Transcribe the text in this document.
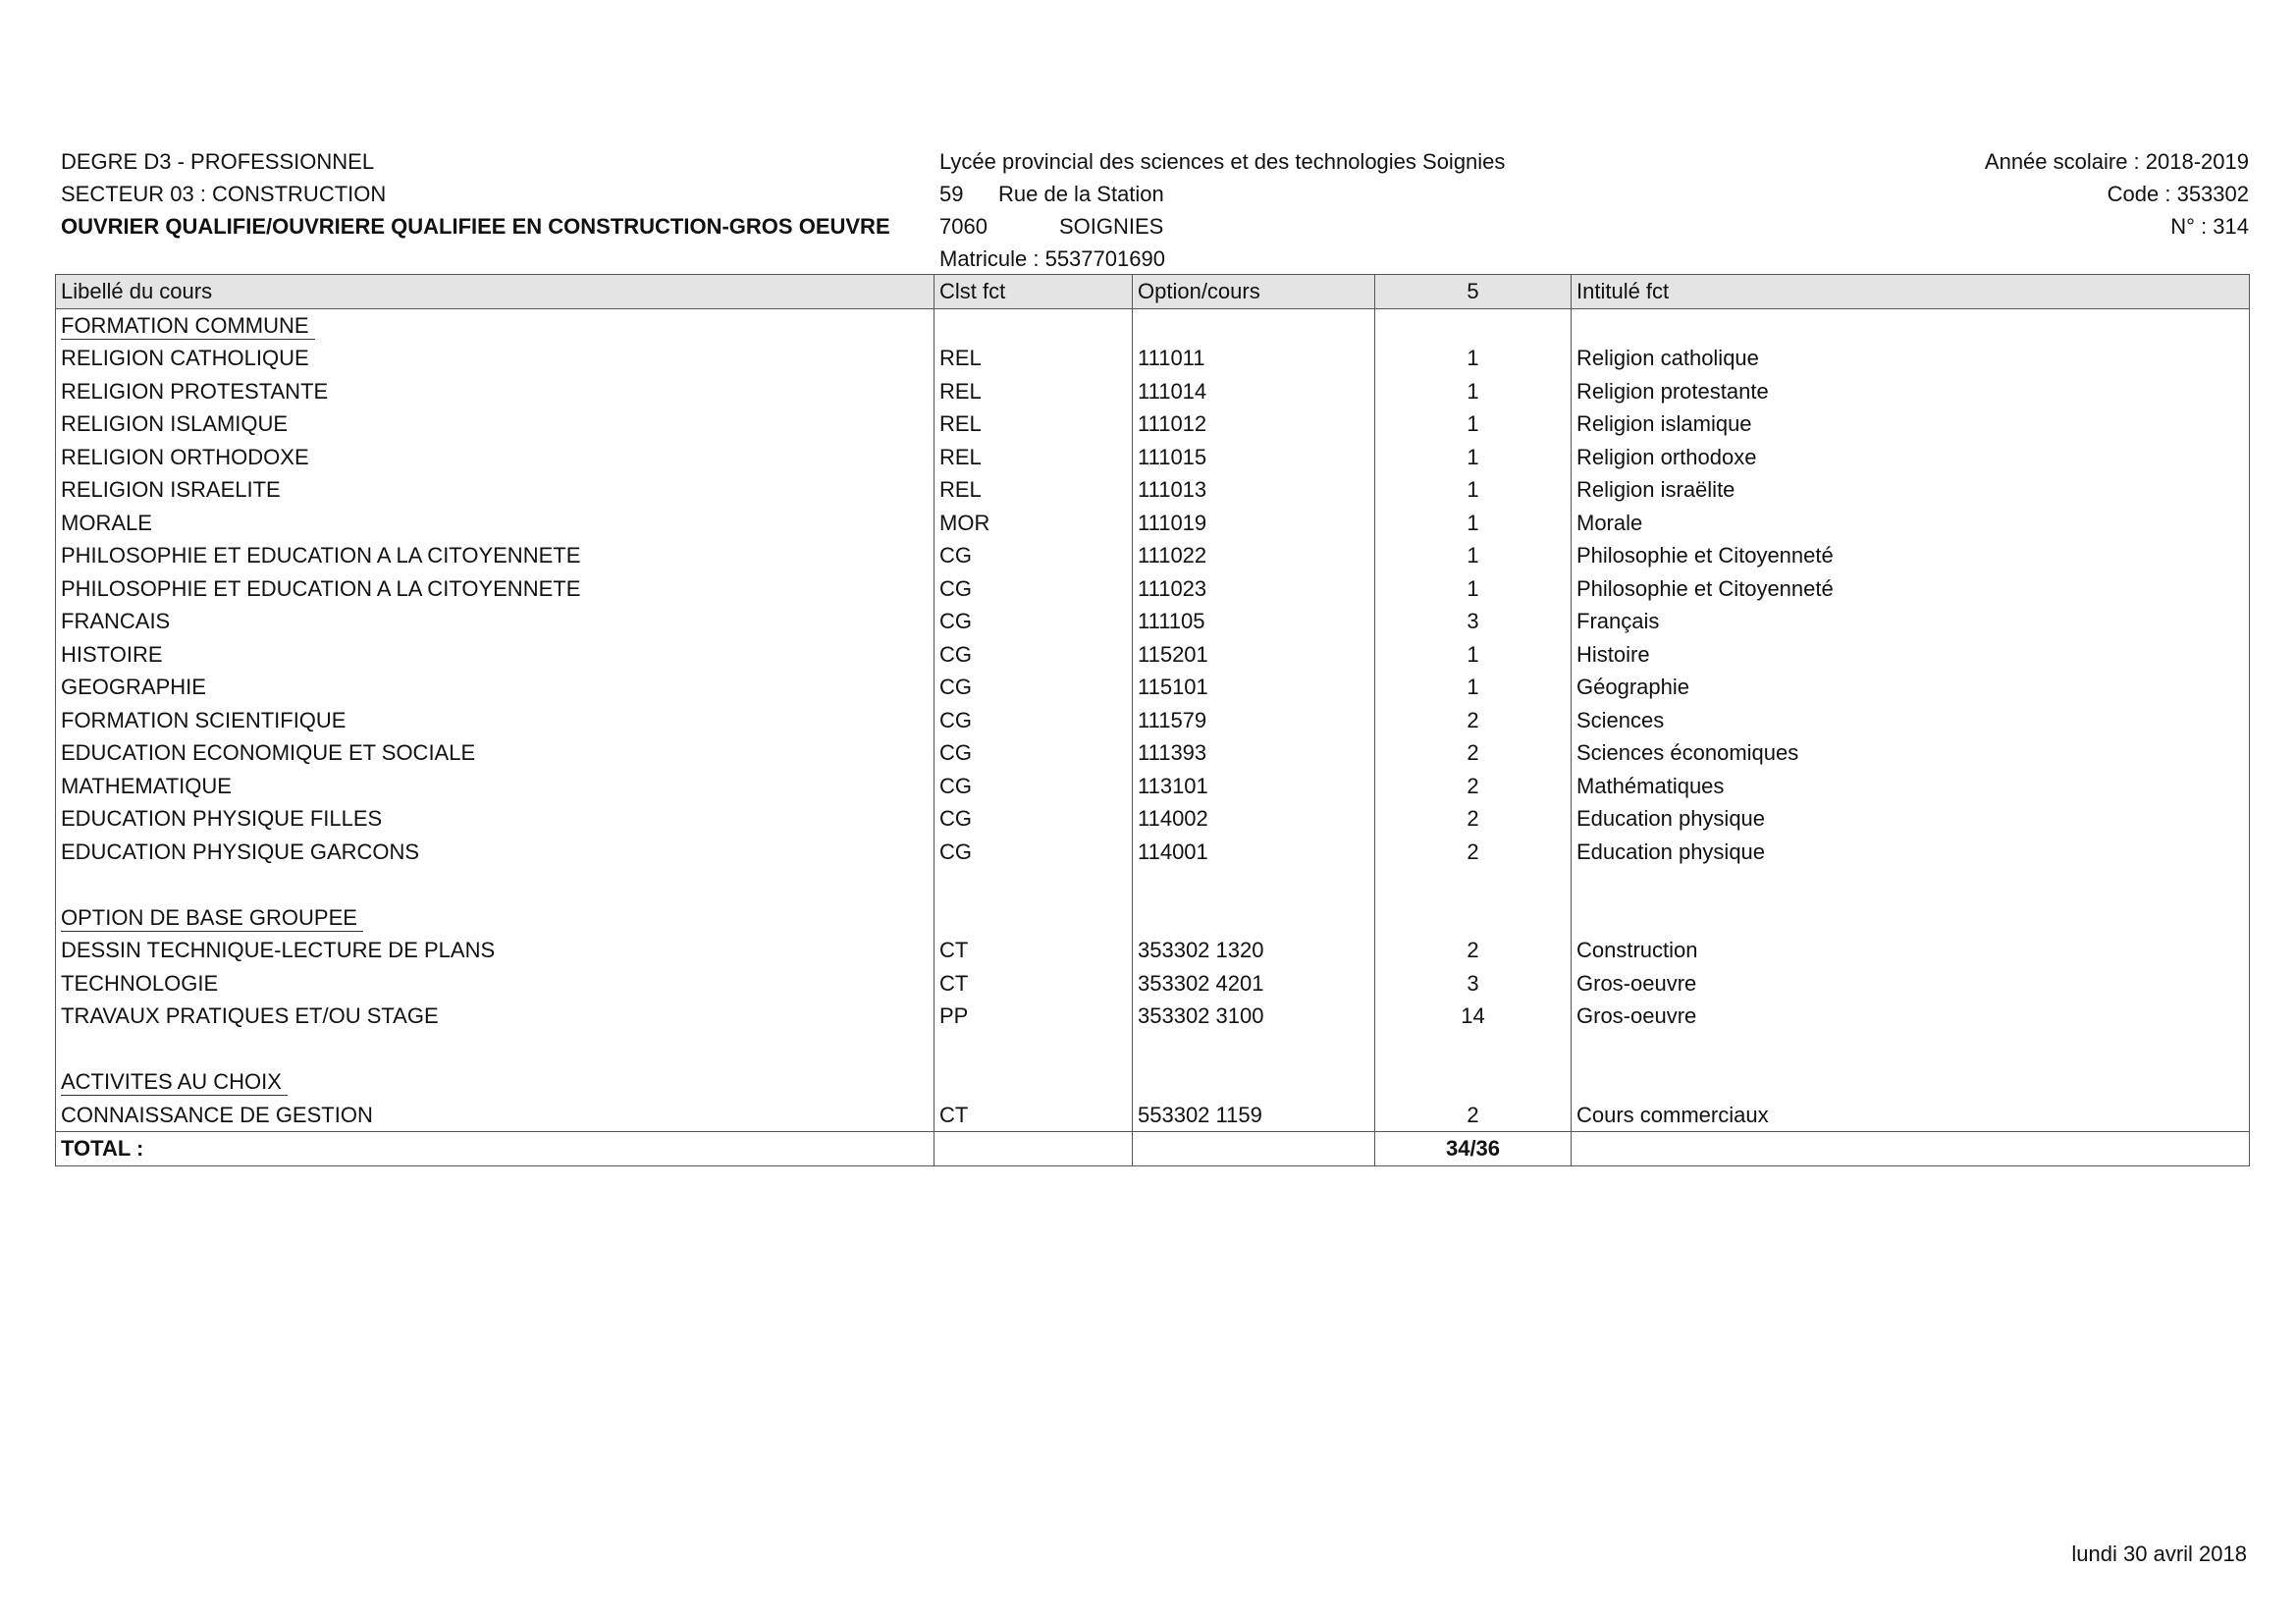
DEGRE D3 - PROFESSIONNEL
SECTEUR 03 : CONSTRUCTION
OUVRIER QUALIFIE/OUVRIERE QUALIFIEE EN CONSTRUCTION-GROS OEUVRE
Lycée provincial des sciences et des technologies Soignies
59 Rue de la Station
7060	SOIGNIES
Matricule : 5537701690
Année scolaire : 2018-2019
Code : 353302
N° : 314
Libellé du cours	Clst fct	Option/cours	5	Intitulé fct
FORMATION COMMUNE				
RELIGION CATHOLIQUE	REL	111011	1	Religion catholique
RELIGION PROTESTANTE	REL	111014	1	Religion protestante
RELIGION ISLAMIQUE	REL	111012	1	Religion islamique
RELIGION ORTHODOXE	REL	111015	1	Religion orthodoxe
RELIGION ISRAELITE	REL	111013	1	Religion israëlite
MORALE	MOR	111019	1	Morale
PHILOSOPHIE ET EDUCATION A LA CITOYENNETE	CG	111022	1	Philosophie et Citoyenneté
PHILOSOPHIE ET EDUCATION A LA CITOYENNETE	CG	111023	1	Philosophie et Citoyenneté
FRANCAIS	CG	111105	3	Français
HISTOIRE	CG	115201	1	Histoire
GEOGRAPHIE	CG	115101	1	Géographie
FORMATION SCIENTIFIQUE	CG	111579	2	Sciences
EDUCATION ECONOMIQUE ET SOCIALE	CG	111393	2	Sciences économiques
MATHEMATIQUE	CG	113101	2	Mathématiques
EDUCATION PHYSIQUE FILLES	CG	114002	2	Education physique
EDUCATION PHYSIQUE GARCONS	CG	114001	2	Education physique

OPTION DE BASE GROUPEE				
DESSIN TECHNIQUE-LECTURE DE PLANS	CT	353302 1320	2	Construction
TECHNOLOGIE	CT	353302 4201	3	Gros-oeuvre
TRAVAUX PRATIQUES ET/OU STAGE	PP	353302 3100	14	Gros-oeuvre

ACTIVITES AU CHOIX				
CONNAISSANCE DE GESTION	CT	553302 1159	2	Cours commerciaux
TOTAL :			34/36	
lundi 30 avril 2018
